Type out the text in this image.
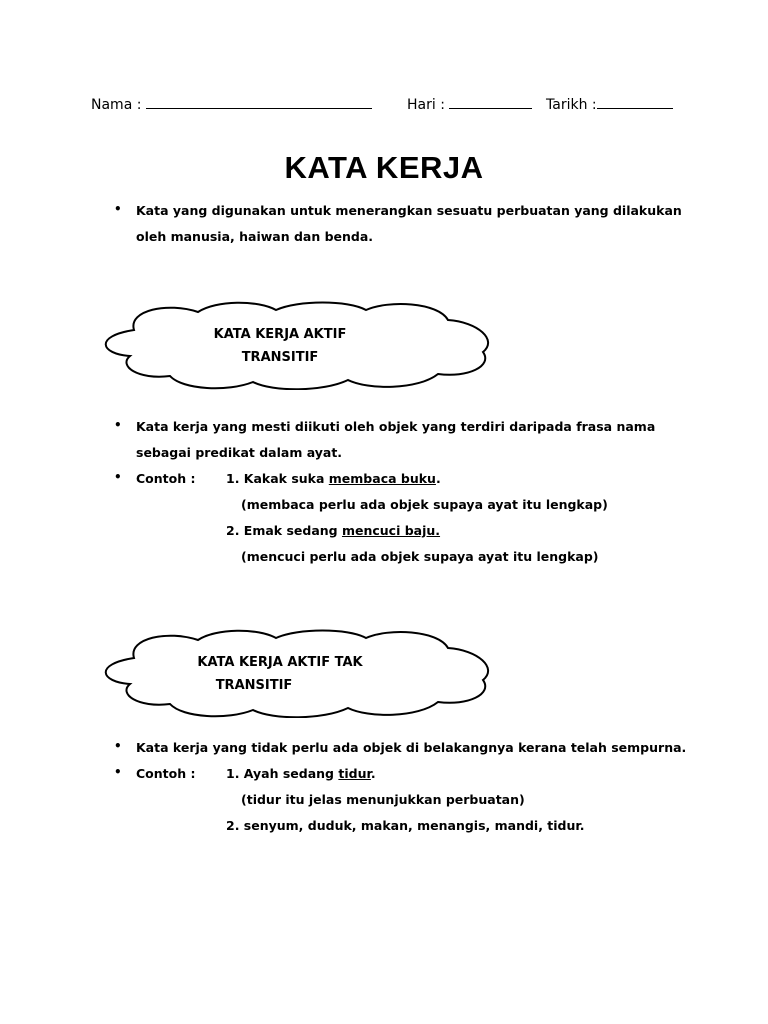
Nama :	Hari :	Tarikh :
KATA KERJA
• Kata yang digunakan untuk menerangkan sesuatu perbuatan yang dilakukan
oleh manusia, haiwan dan benda.
KATA KERJA AKTIF
TRANSITIF
• Kata kerja yang mesti diikuti oleh objek yang terdiri daripada frasa nama
sebagai predikat dalam ayat.
• Contoh : 1. Kakak suka membaca buku.
(membaca perlu ada objek supaya ayat itu lengkap)
2. Emak sedang mencuci baju.
(mencuci perlu ada objek supaya ayat itu lengkap)
KATA KERJA AKTIF TAK
TRANSITIF
• Kata kerja yang tidak perlu ada objek di belakangnya kerana telah sempurna.
• Contoh : 1. Ayah sedang tidur.
(tidur itu jelas menunjukkan perbuatan)
2. senyum, duduk, makan, menangis, mandi, tidur.
